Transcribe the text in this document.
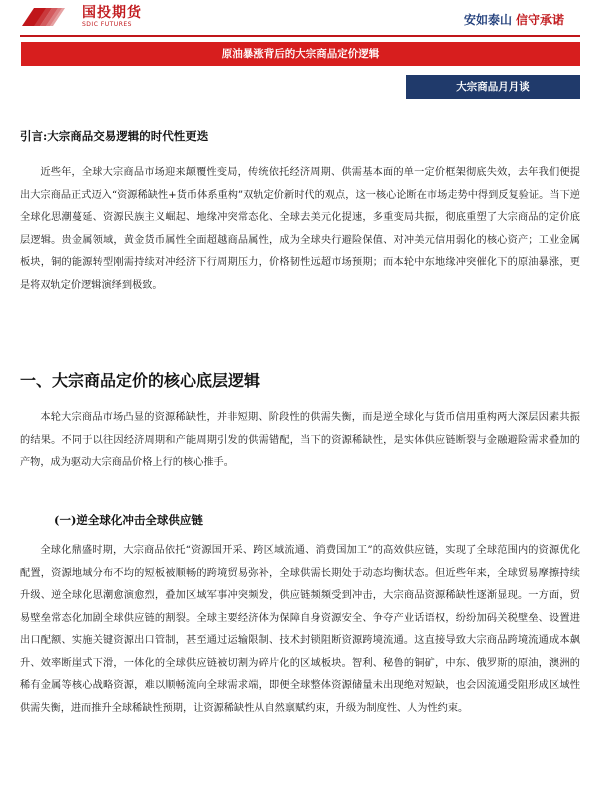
国投期货
SDIC FUTURES	安如泰山 信守承诺
原油暴涨背后的大宗商品定价逻辑
大宗商品月月谈
引言:大宗商品交易逻辑的时代性更迭

近些年，全球大宗商品市场迎来颠覆性变局，传统依托经济周期、供需基本面的单一定价框架彻底失效，去年我们便提出大宗商品正式迈入“资源稀缺性+货币体系重构”双轨定价新时代的观点，这一核心论断在市场走势中得到反复验证。当下逆全球化思潮蔓延、资源民族主义崛起、地缘冲突常态化、全球去美元化提速，多重变局共振，彻底重塑了大宗商品的定价底层逻辑。贵金属领域，黄金货币属性全面超越商品属性，成为全球央行避险保值、对冲美元信用弱化的核心资产；工业金属板块，铜的能源转型刚需持续对冲经济下行周期压力，价格韧性远超市场预期；而本轮中东地缘冲突催化下的原油暴涨，更是将双轨定价逻辑演绎到极致。

一、大宗商品定价的核心底层逻辑

本轮大宗商品市场凸显的资源稀缺性，并非短期、阶段性的供需失衡，而是逆全球化与货币信用重构两大深层因素共振的结果。不同于以往因经济周期和产能周期引发的供需错配，当下的资源稀缺性，是实体供应链断裂与金融避险需求叠加的产物，成为驱动大宗商品价格上行的核心推手。

(一)逆全球化冲击全球供应链

全球化鼎盛时期，大宗商品依托“资源国开采、跨区域流通、消费国加工”的高效供应链，实现了全球范围内的资源优化配置，资源地域分布不均的短板被顺畅的跨境贸易弥补，全球供需长期处于动态均衡状态。但近些年来，全球贸易摩擦持续升级、逆全球化思潮愈演愈烈，叠加区域军事冲突频发，供应链频频受到冲击，大宗商品资源稀缺性逐渐显现。一方面，贸易壁垒常态化加剧全球供应链的割裂。全球主要经济体为保障自身资源安全、争夺产业话语权，纷纷加码关税壁垒、设置进出口配额、实施关键资源出口管制，甚至通过运输限制、技术封锁阻断资源跨境流通。这直接导致大宗商品跨境流通成本飙升、效率断崖式下滑，一体化的全球供应链被切割为碎片化的区域板块。智利、秘鲁的铜矿，中东、俄罗斯的原油，澳洲的稀有金属等核心战略资源，难以顺畅流向全球需求端，即便全球整体资源储量未出现绝对短缺，也会因流通受阻形成区域性供需失衡，进而推升全球稀缺性预期，让资源稀缺性从自然禀赋约束，升级为制度性、人为性约束。
